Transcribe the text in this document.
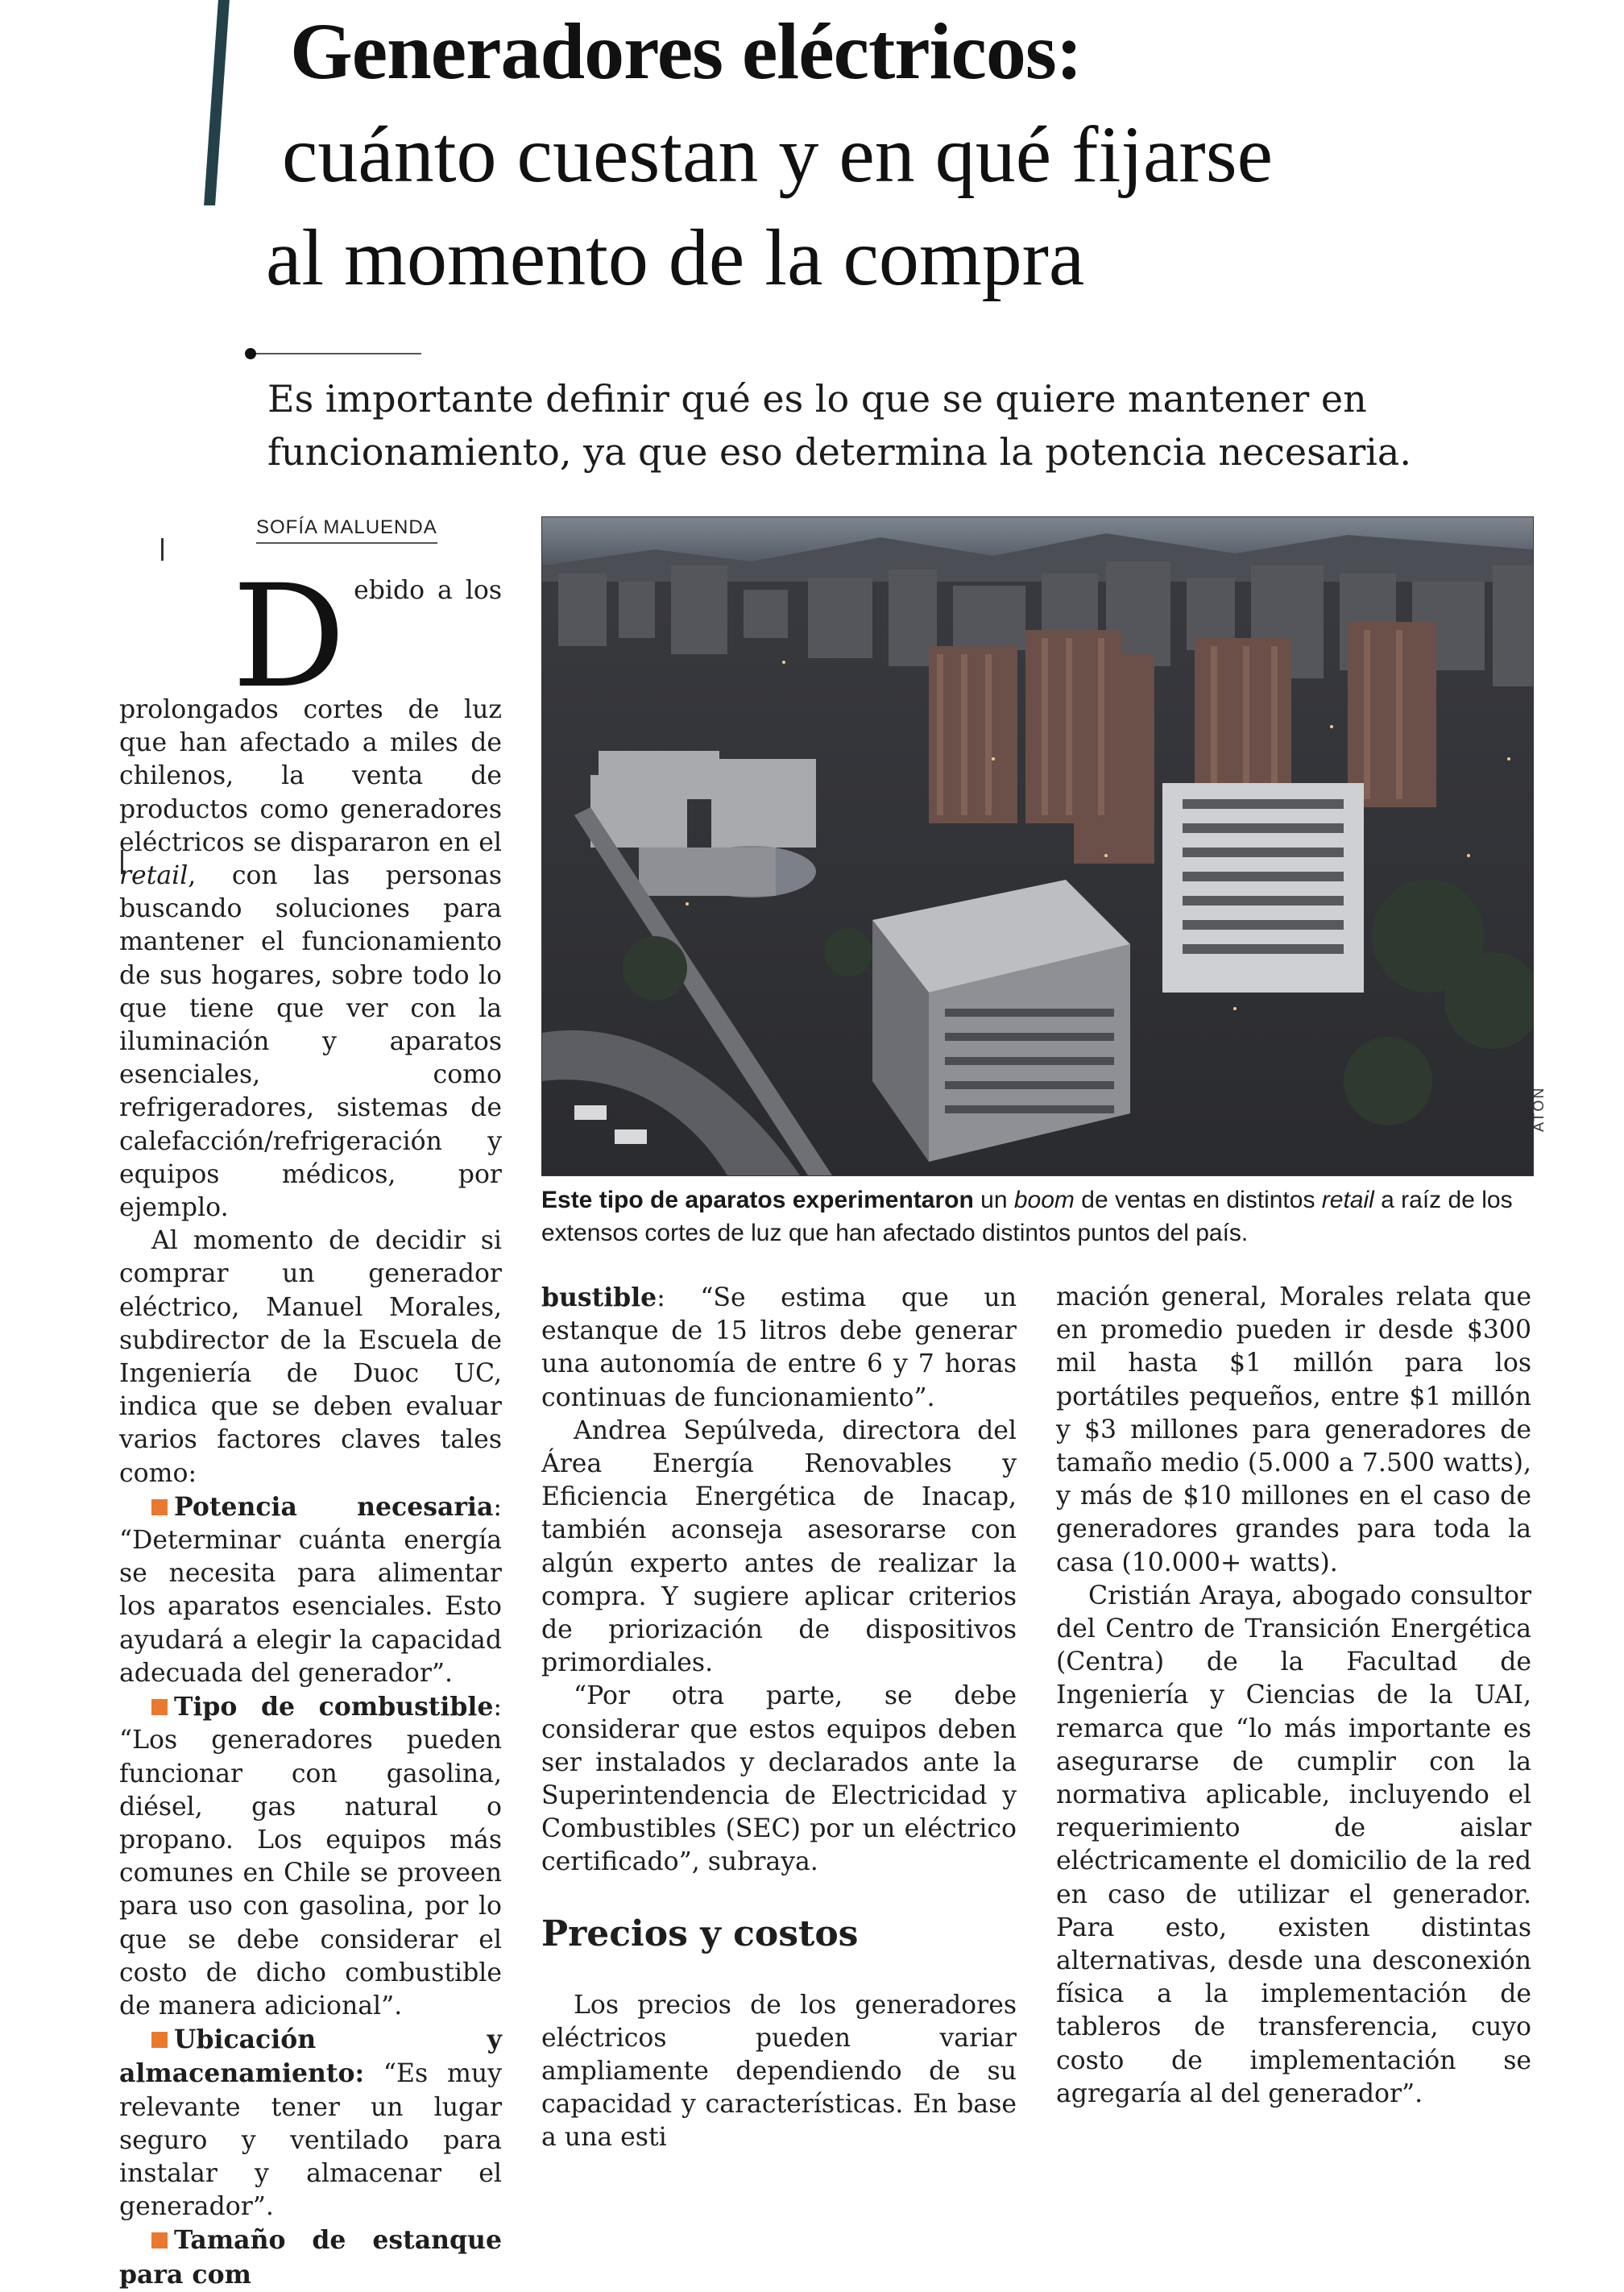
Generadores eléctricos:
cuánto cuestan y en qué fijarse
al momento de la compra
Es importante definir qué es lo que se quiere mantener en funcionamiento, ya que eso determina la potencia necesaria.
SOFÍA MALUENDA

Debido a los prolongados cortes de luz que han afectado a miles de chilenos, la venta de productos como generadores eléctricos se dispararon en el retail, con las personas buscando soluciones para mantener el funcionamiento de sus hogares, sobre todo lo que tiene que ver con la iluminación y aparatos esenciales, como refrigeradores, sistemas de calefacción/refrigeración y equipos médicos, por ejemplo.

Al momento de decidir si comprar un generador eléctrico, Manuel Morales, subdirector de la Escuela de Ingeniería de Duoc UC, indica que se deben evaluar varios factores claves tales como:

Potencia necesaria: “Determinar cuánta energía se necesita para alimentar los aparatos esenciales. Esto ayudará a elegir la capacidad adecuada del generador”.

Tipo de combustible: “Los generadores pueden funcionar con gasolina, diésel, gas natural o propano. Los equipos más comunes en Chile se proveen para uso con gasolina, por lo que se debe considerar el costo de dicho combustible de manera adicional”.

Ubicación y almacenamiento: “Es muy relevante tener un lugar seguro y ventilado para instalar y almacenar el generador”.

Tamaño de estanque para com

ATON
Este tipo de aparatos experimentaron un boom de ventas en distintos retail a raíz de los extensos cortes de luz que han afectado distintos puntos del país.

bustible: “Se estima que un estanque de 15 litros debe generar una autonomía de entre 6 y 7 horas continuas de funcionamiento”.

Andrea Sepúlveda, directora del Área Energía Renovables y Eficiencia Energética de Inacap, también aconseja asesorarse con algún experto antes de realizar la compra. Y sugiere aplicar criterios de priorización de dispositivos primordiales.

“Por otra parte, se debe considerar que estos equipos deben ser instalados y declarados ante la Superintendencia de Electricidad y Combustibles (SEC) por un eléctrico certificado”, subraya.

Precios y costos

Los precios de los generadores eléctricos pueden variar ampliamente dependiendo de su capacidad y características. En base a una esti

mación general, Morales relata que en promedio pueden ir desde $300 mil hasta $1 millón para los portátiles pequeños, entre $1 millón y $3 millones para generadores de tamaño medio (5.000 a 7.500 watts), y más de $10 millones en el caso de generadores grandes para toda la casa (10.000+ watts).

Cristián Araya, abogado consultor del Centro de Transición Energética (Centra) de la Facultad de Ingeniería y Ciencias de la UAI, remarca que “lo más importante es asegurarse de cumplir con la normativa aplicable, incluyendo el requerimiento de aislar eléctricamente el domicilio de la red en caso de utilizar el generador. Para esto, existen distintas alternativas, desde una desconexión física a la implementación de tableros de transferencia, cuyo costo de implementación se agregaría al del generador”.
